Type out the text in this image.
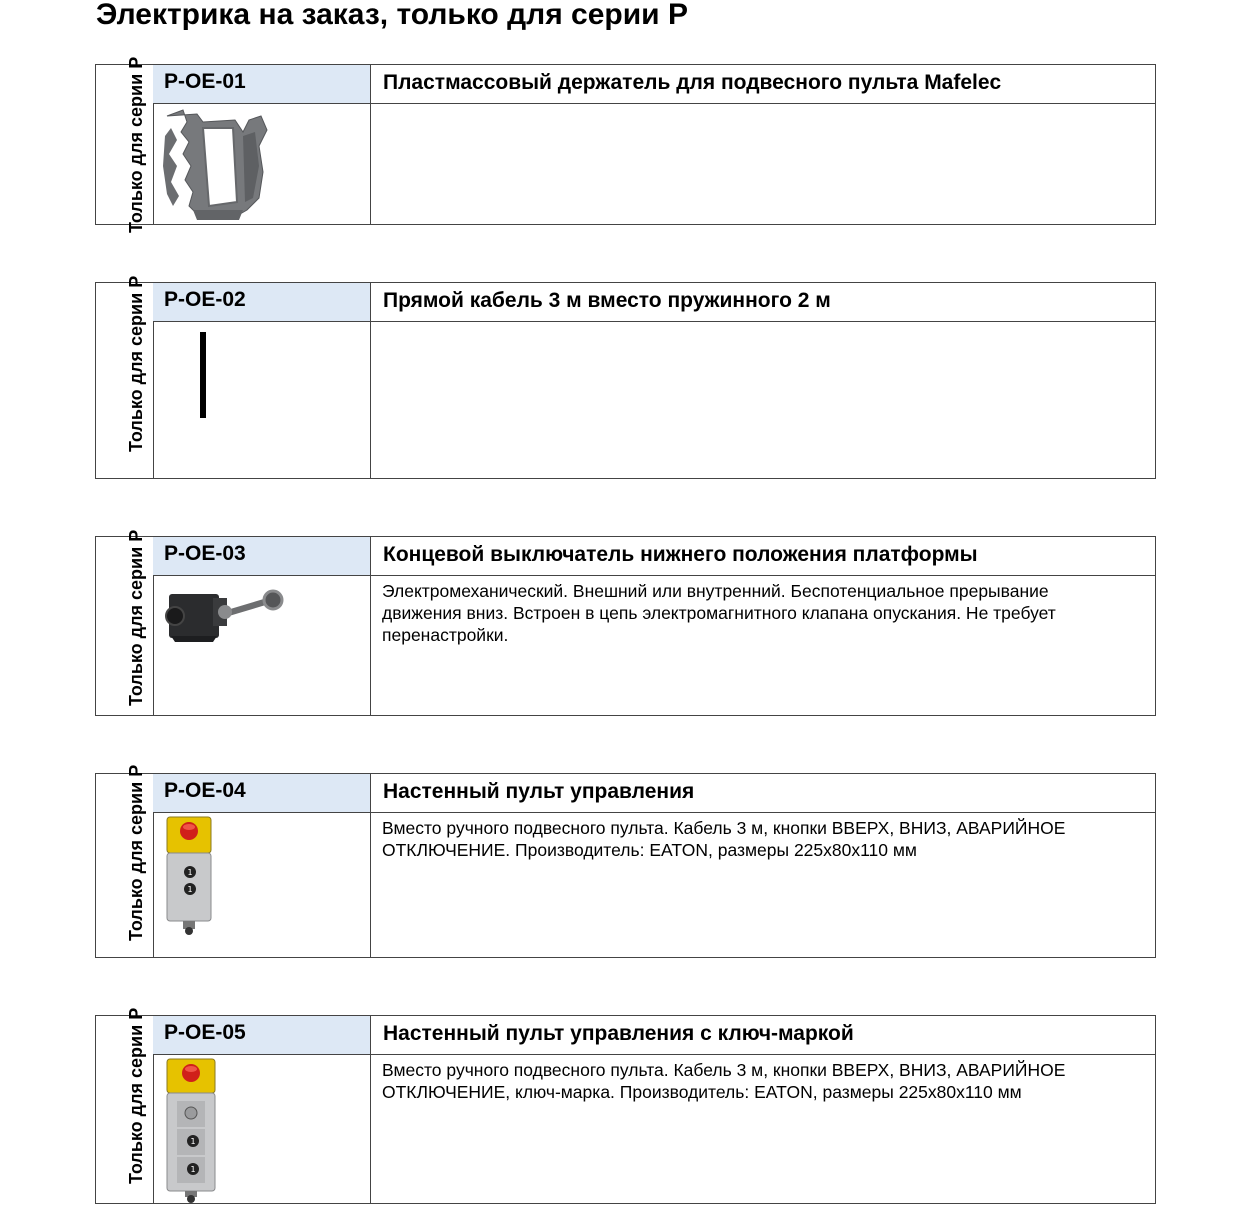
Электрика на заказ, только для серии P
Только для серии P P-OE-01	Пластмассовый держатель для подвесного пульта Mafelec
Только для серии P P-OE-02	Прямой кабель 3 м вместо пружинного 2 м
Только для серии P P-OE-03	Концевой выключатель нижнего положения платформы
Электромеханический. Внешний или внутренний. Беспотенциальное прерывание движения вниз. Встроен в цепь электромагнитного клапана опускания. Не требует перенастройки.
Только для серии P P-OE-04	Настенный пульт управления
1
1
Вместо ручного подвесного пульта. Кабель 3 м, кнопки ВВЕРХ, ВНИЗ, АВАРИЙНОЕ ОТКЛЮЧЕНИЕ. Производитель: EATON, размеры 225x80x110 мм
Только для серии P P-OE-05	Настенный пульт управления с ключ-маркой
1
1
Вместо ручного подвесного пульта. Кабель 3 м, кнопки ВВЕРХ, ВНИЗ, АВАРИЙНОЕ ОТКЛЮЧЕНИЕ, ключ-марка. Производитель: EATON, размеры 225x80x110 мм
